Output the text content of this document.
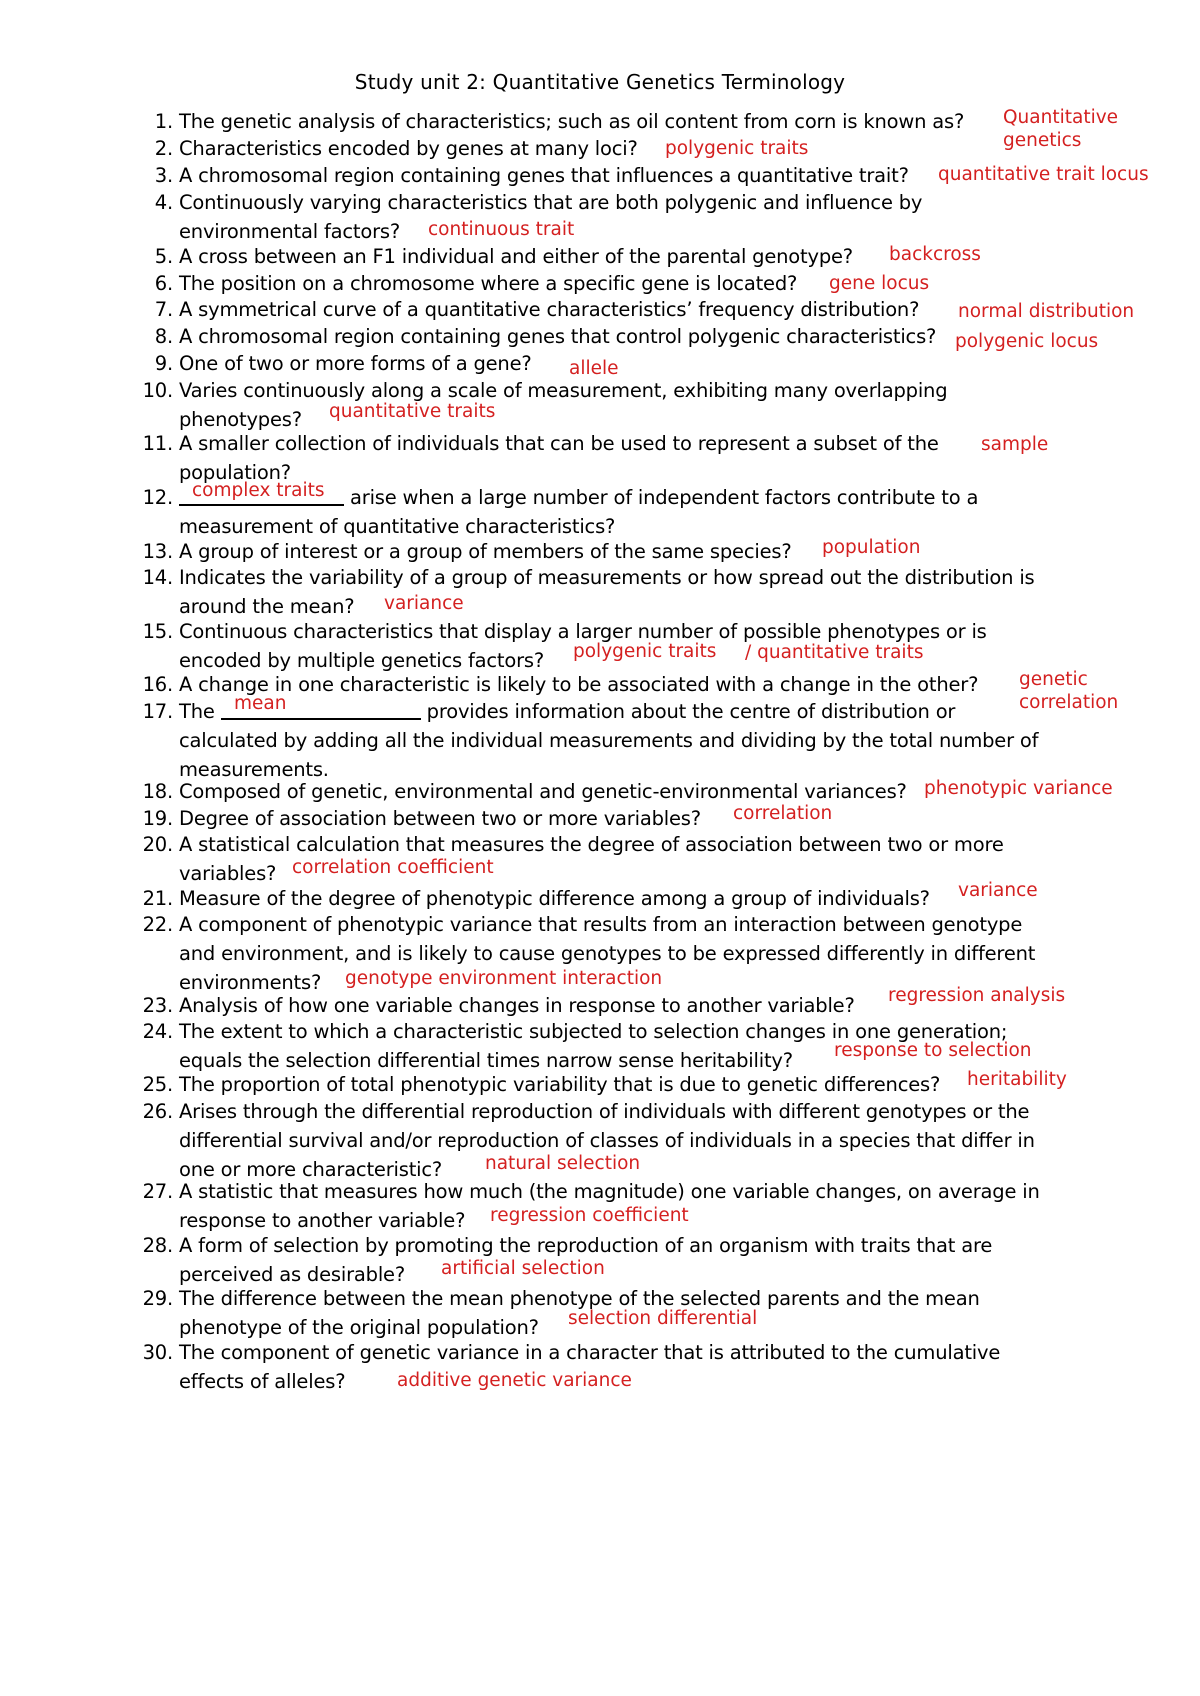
Study unit 2: Quantitative Genetics Terminology
1. The genetic analysis of characteristics; such as oil content from corn is known as?
2. Characteristics encoded by genes at many loci?
3. A chromosomal region containing genes that influences a quantitative trait?
4. Continuously varying characteristics that are both polygenic and influence by
environmental factors?
5. A cross between an F1 individual and either of the parental genotype?
6. The position on a chromosome where a specific gene is located?
7. A symmetrical curve of a quantitative characteristics’ frequency distribution?
8. A chromosomal region containing genes that control polygenic characteristics?
9. One of two or more forms of a gene?
10. Varies continuously along a scale of measurement, exhibiting many overlapping
phenotypes?
11. A smaller collection of individuals that can be used to represent a subset of the
population?
12.	arise when a large number of independent factors contribute to a
measurement of quantitative characteristics?
13. A group of interest or a group of members of the same species?
14. Indicates the variability of a group of measurements or how spread out the distribution is
around the mean?
15. Continuous characteristics that display a larger number of possible phenotypes or is
encoded by multiple genetics factors?
16. A change in one characteristic is likely to be associated with a change in the other?
17. The	provides information about the centre of distribution or
calculated by adding all the individual measurements and dividing by the total number of
measurements.
18. Composed of genetic, environmental and genetic-environmental variances?
19. Degree of association between two or more variables?
20. A statistical calculation that measures the degree of association between two or more
variables?
21. Measure of the degree of phenotypic difference among a group of individuals?
22. A component of phenotypic variance that results from an interaction between genotype
and environment, and is likely to cause genotypes to be expressed differently in different
environments?
23. Analysis of how one variable changes in response to another variable?
24. The extent to which a characteristic subjected to selection changes in one generation;
equals the selection differential times narrow sense heritability?
25. The proportion of total phenotypic variability that is due to genetic differences?
26. Arises through the differential reproduction of individuals with different genotypes or the
differential survival and/or reproduction of classes of individuals in a species that differ in
one or more characteristic?
27. A statistic that measures how much (the magnitude) one variable changes, on average in
response to another variable?
28. A form of selection by promoting the reproduction of an organism with traits that are
perceived as desirable?
29. The difference between the mean phenotype of the selected parents and the mean
phenotype of the original population?
30. The component of genetic variance in a character that is attributed to the cumulative
effects of alleles?
Quantitative
genetics
polygenic traits
quantitative trait locus
continuous trait
backcross
gene locus
normal distribution
polygenic locus
allele
quantitative traits
sample
complex traits
population
variance
polygenic traits / quantitative traits
genetic
correlation
mean
phenotypic variance
correlation
correlation coefficient
variance
genotype environment interaction
regression analysis
response to selection
heritability
natural selection
regression coefficient
artificial selection
selection differential
additive genetic variance
